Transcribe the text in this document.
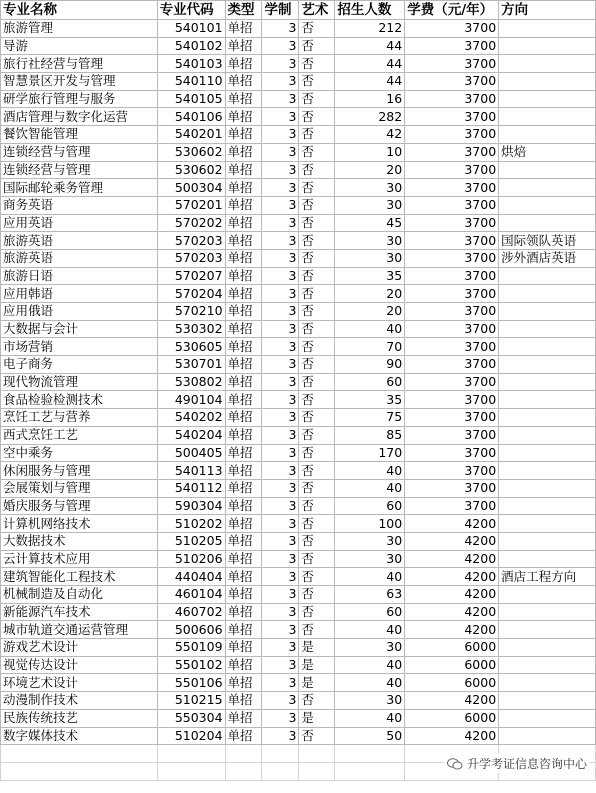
专业名称	专业代码	类型	学制	艺术	招生人数	学费（元/年）	方向
旅游管理	540101	单招	3	否	212	3700	
导游	540102	单招	3	否	44	3700	
旅行社经营与管理	540103	单招	3	否	44	3700	
智慧景区开发与管理	540110	单招	3	否	44	3700	
研学旅行管理与服务	540105	单招	3	否	16	3700	
酒店管理与数字化运营	540106	单招	3	否	282	3700	
餐饮智能管理	540201	单招	3	否	42	3700	
连锁经营与管理	530602	单招	3	否	10	3700	烘焙
连锁经营与管理	530602	单招	3	否	20	3700	
国际邮轮乘务管理	500304	单招	3	否	30	3700	
商务英语	570201	单招	3	否	30	3700	
应用英语	570202	单招	3	否	45	3700	
旅游英语	570203	单招	3	否	30	3700	国际领队英语
旅游英语	570203	单招	3	否	30	3700	涉外酒店英语
旅游日语	570207	单招	3	否	35	3700	
应用韩语	570204	单招	3	否	20	3700	
应用俄语	570210	单招	3	否	20	3700	
大数据与会计	530302	单招	3	否	40	3700	
市场营销	530605	单招	3	否	70	3700	
电子商务	530701	单招	3	否	90	3700	
现代物流管理	530802	单招	3	否	60	3700	
食品检验检测技术	490104	单招	3	否	35	3700	
烹饪工艺与营养	540202	单招	3	否	75	3700	
西式烹饪工艺	540204	单招	3	否	85	3700	
空中乘务	500405	单招	3	否	170	3700	
休闲服务与管理	540113	单招	3	否	40	3700	
会展策划与管理	540112	单招	3	否	40	3700	
婚庆服务与管理	590304	单招	3	否	60	3700	
计算机网络技术	510202	单招	3	否	100	4200	
大数据技术	510205	单招	3	否	30	4200	
云计算技术应用	510206	单招	3	否	30	4200	
建筑智能化工程技术	440404	单招	3	否	40	4200	酒店工程方向
机械制造及自动化	460104	单招	3	否	63	4200	
新能源汽车技术	460702	单招	3	否	60	4200	
城市轨道交通运营管理	500606	单招	3	否	40	4200	
游戏艺术设计	550109	单招	3	是	30	6000	
视觉传达设计	550102	单招	3	是	40	6000	
环境艺术设计	550106	单招	3	是	40	6000	
动漫制作技术	510215	单招	3	否	30	4200	
民族传统技艺	550304	单招	3	是	40	6000	
数字媒体技术	510204	单招	3	否	50	4200	

升学考证信息咨询中心
